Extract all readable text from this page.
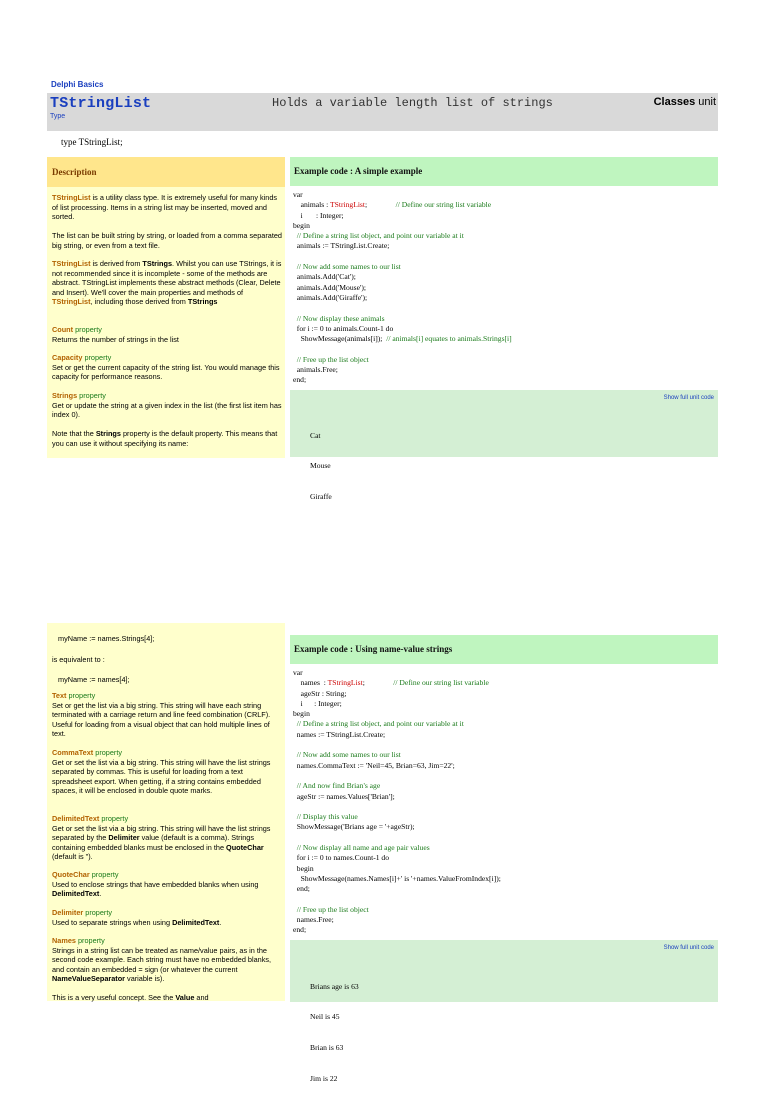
Delphi Basics
TStringList
Type
Holds a variable length list of strings	Classes unit
type TStringList;
Description
TStringList is a utility class type. It is extremely useful for many kinds of list processing. Items in a string list may be inserted, moved and sorted.
The list can be built string by string, or loaded from a comma separated big string, or even from a text file.
TStringList is derived from TStrings. Whilst you can use TStrings, it is not recommended since it is incomplete - some of the methods are abstract. TStringList implements these abstract methods (Clear, Delete and Insert). We'll cover the main properties and methods of TStringList, including those derived from TStrings
Count property
Returns the number of strings in the list
Capacity property
Set or get the current capacity of the string list. You would manage this capacity for performance reasons.
Strings property
Get or update the string at a given index in the list (the first list item has index 0).
Note that the Strings property is the default property. This means that you can use it without specifying its name:
Example code : A simple example
var
animals : TStringList;               // Define our string list variable
i       : Integer;
begin
// Define a string list object, and point our variable at it
animals := TStringList.Create;

// Now add some names to our list
animals.Add('Cat');
animals.Add('Mouse');
animals.Add('Giraffe');

// Now display these animals
for i := 0 to animals.Count-1 do
ShowMessage(animals[i]);  // animals[i] equates to animals.Strings[i]

// Free up the list object
animals.Free;
end;
Show full unit code

Cat

Mouse

Giraffe

myName := names.Strings[4];
is equivalent to :
myName := names[4];
Text property
Set or get the list via a big string. This string will have each string terminated with a carriage return and line feed combination (CRLF). Useful for loading from a visual object that can hold multiple lines of text.
CommaText property
Get or set the list via a big string. This string will have the list strings separated by commas. This is useful for loading from a text spreadsheet export. When getting, if a string contains embedded spaces, it will be enclosed in double quote marks.
DelimitedText property
Get or set the list via a big string. This string will have the list strings separated by the Delimiter value (default is a comma). Strings containing embedded blanks must be enclosed in the QuoteChar (default is ").
QuoteChar property
Used to enclose strings that have embedded blanks when using DelimitedText.
Delimiter property
Used to separate strings when using DelimitedText.
Names property
Strings in a string list can be treated as name/value pairs, as in the second code example. Each string must have no embedded blanks, and contain an embedded = sign (or whatever the current NameValueSeparator variable is).
This is a very useful concept. See the Value and
Example code : Using name-value strings
var
names  : TStringList;               // Define our string list variable
ageStr : String;
i      : Integer;
begin
// Define a string list object, and point our variable at it
names := TStringList.Create;

// Now add some names to our list
names.CommaText := 'Neil=45, Brian=63, Jim=22';

// And now find Brian's age
ageStr := names.Values['Brian'];

// Display this value
ShowMessage('Brians age = '+ageStr);

// Now display all name and age pair values
for i := 0 to names.Count-1 do
begin
ShowMessage(names.Names[i]+' is '+names.ValueFromIndex[i]);
end;

// Free up the list object
names.Free;
end;
Show full unit code

Brians age is 63

Neil is 45

Brian is 63

Jim is 22
